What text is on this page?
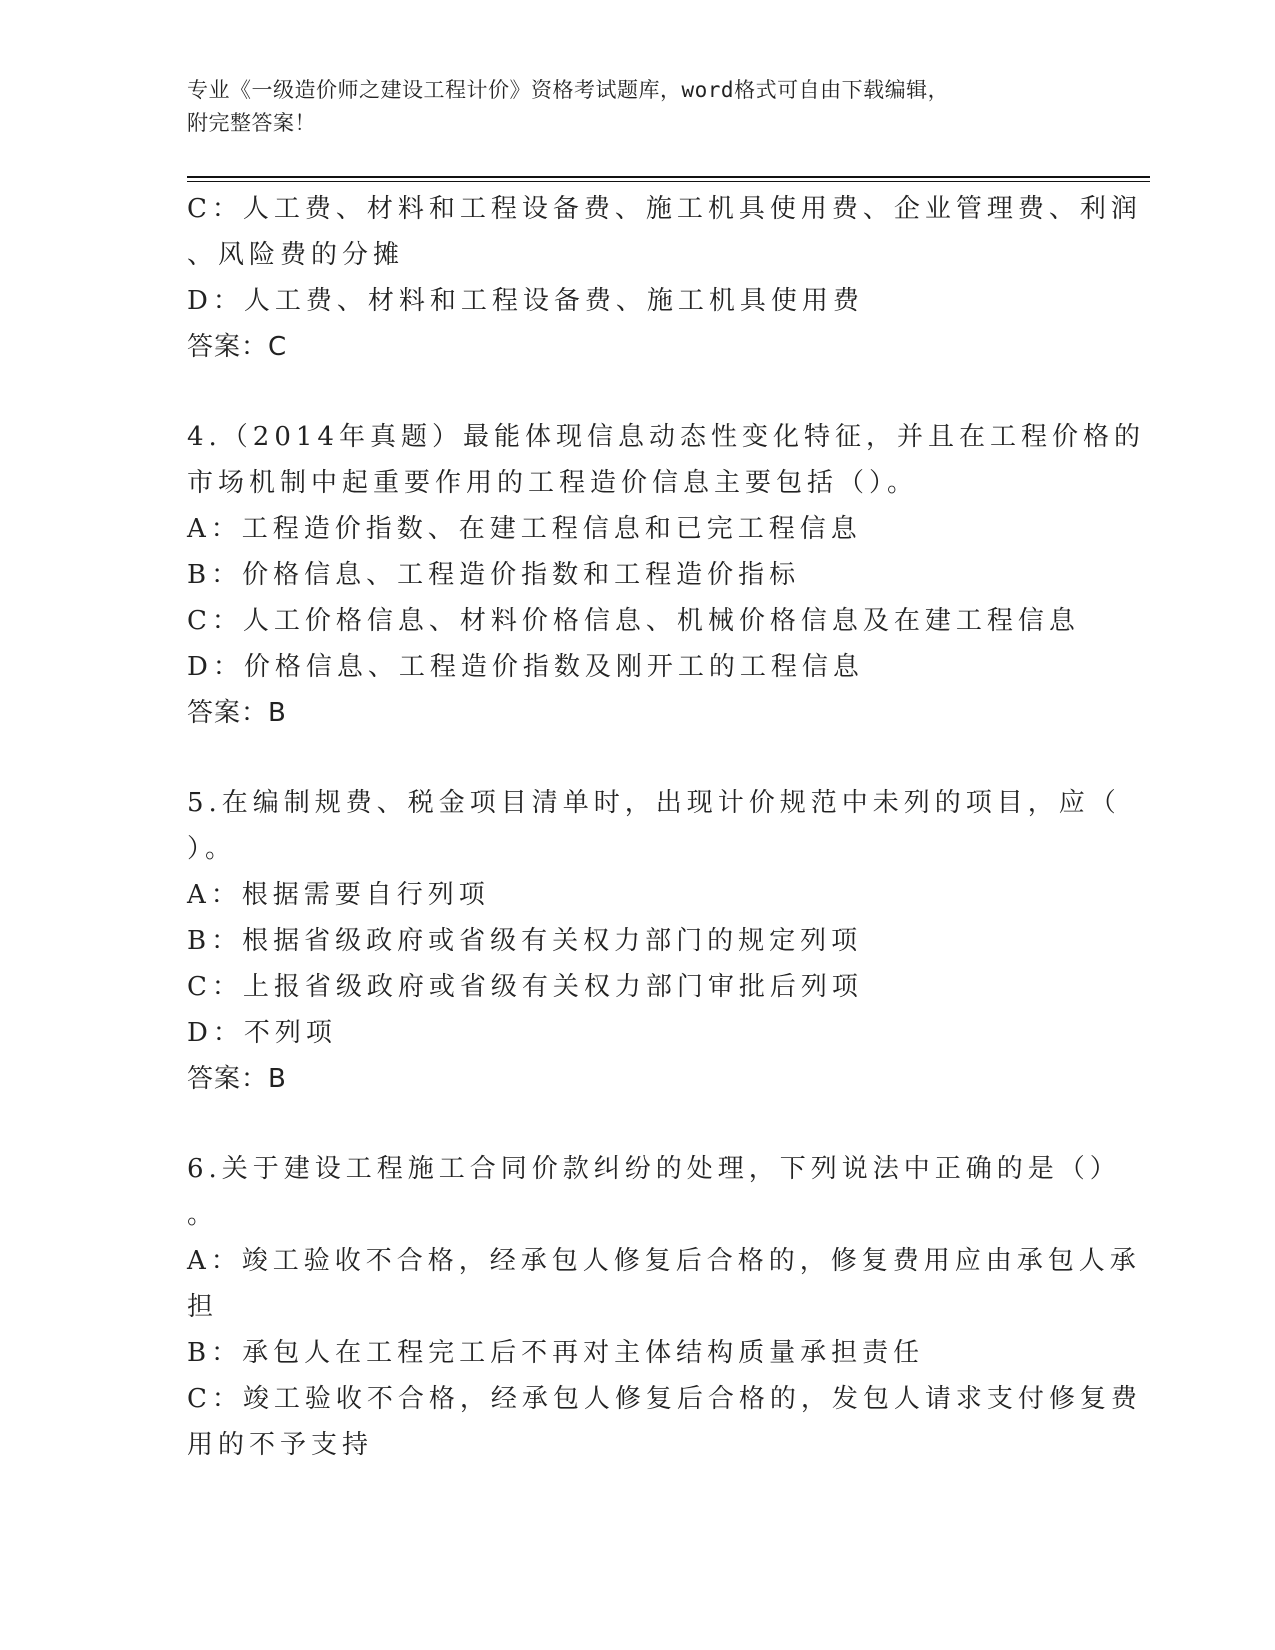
专业《一级造价师之建设工程计价》资格考试题库，word格式可自由下载编辑，
附完整答案！
C：人工费、材料和工程设备费、施工机具使用费、企业管理费、利润
、风险费的分摊
D：人工费、材料和工程设备费、施工机具使用费
答案：C
4.（2014年真题）最能体现信息动态性变化特征，并且在工程价格的
市场机制中起重要作用的工程造价信息主要包括（）。
A：工程造价指数、在建工程信息和已完工程信息
B：价格信息、工程造价指数和工程造价指标
C：人工价格信息、材料价格信息、机械价格信息及在建工程信息
D：价格信息、工程造价指数及刚开工的工程信息
答案：B
5.在编制规费、税金项目清单时，出现计价规范中未列的项目，应（
）。
A：根据需要自行列项
B：根据省级政府或省级有关权力部门的规定列项
C：上报省级政府或省级有关权力部门审批后列项
D：不列项
答案：B
6.关于建设工程施工合同价款纠纷的处理，下列说法中正确的是（）
。
A：竣工验收不合格，经承包人修复后合格的，修复费用应由承包人承
担
B：承包人在工程完工后不再对主体结构质量承担责任
C：竣工验收不合格，经承包人修复后合格的，发包人请求支付修复费
用的不予支持
